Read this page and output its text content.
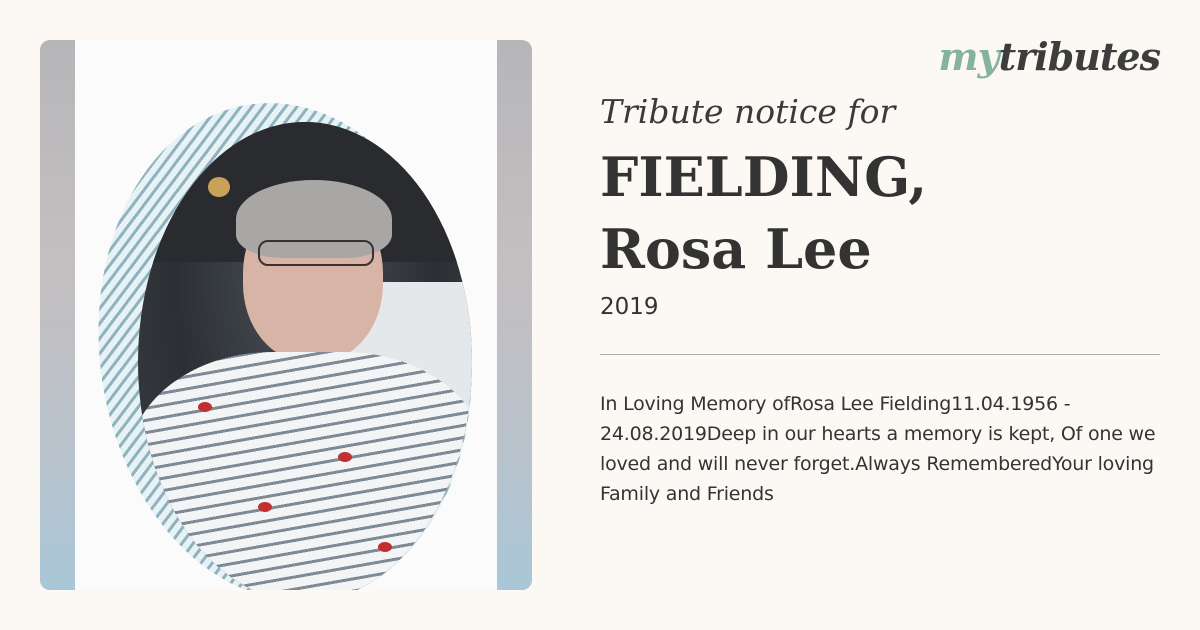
mytributes
Tribute notice for
FIELDING,
Rosa Lee
2019
In Loving Memory ofRosa Lee Fielding11.04.1956 - 24.08.2019Deep in our hearts a memory is kept, Of one we loved and will never forget.Always RememberedYour loving Family and Friends
